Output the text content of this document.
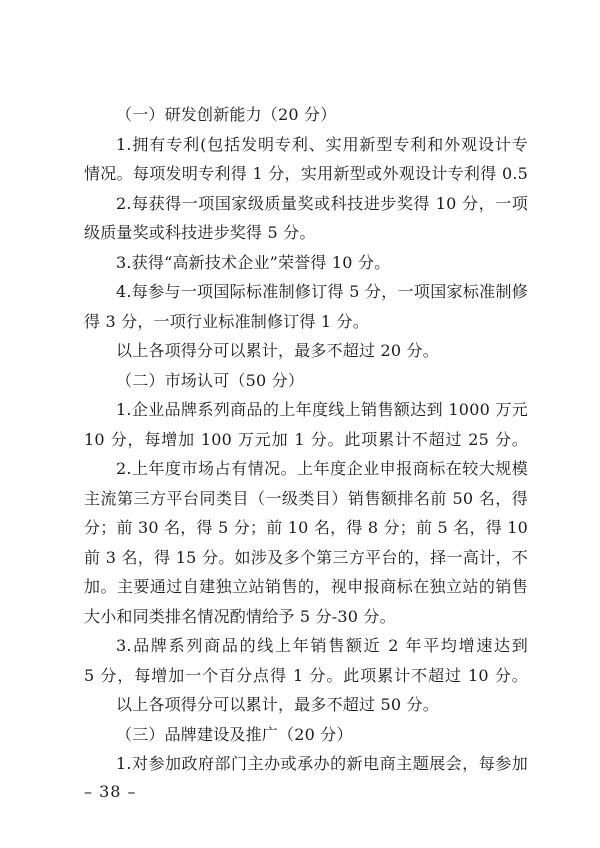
（一）研发创新能力（20 分）
1.拥有专利(包括发明专利、实用新型专利和外观设计专
情况。每项发明专利得 1 分，实用新型或外观设计专利得 0.5
2.每获得一项国家级质量奖或科技进步奖得 10 分，一项
级质量奖或科技进步奖得 5 分。
3.获得“高新技术企业”荣誉得 10 分。
4.每参与一项国际标准制修订得 5 分，一项国家标准制修
得 3 分，一项行业标准制修订得 1 分。
以上各项得分可以累计，最多不超过 20 分。
（二）市场认可（50 分）
1.企业品牌系列商品的上年度线上销售额达到 1000 万元
10 分，每增加 100 万元加 1 分。此项累计不超过 25 分。
2.上年度市场占有情况。上年度企业申报商标在较大规模
主流第三方平台同类目（一级类目）销售额排名前 50 名，得
分；前 30 名，得 5 分；前 10 名，得 8 分；前 5 名，得 10
前 3 名，得 15 分。如涉及多个第三方平台的，择一高计，不
加。主要通过自建独立站销售的，视申报商标在独立站的销售
大小和同类排名情况酌情给予 5 分-30 分。
3.品牌系列商品的线上年销售额近 2 年平均增速达到
5 分，每增加一个百分点得 1 分。此项累计不超过 10 分。
以上各项得分可以累计，最多不超过 50 分。
（三）品牌建设及推广（20 分）
1.对参加政府部门主办或承办的新电商主题展会，每参加
– 38 –
